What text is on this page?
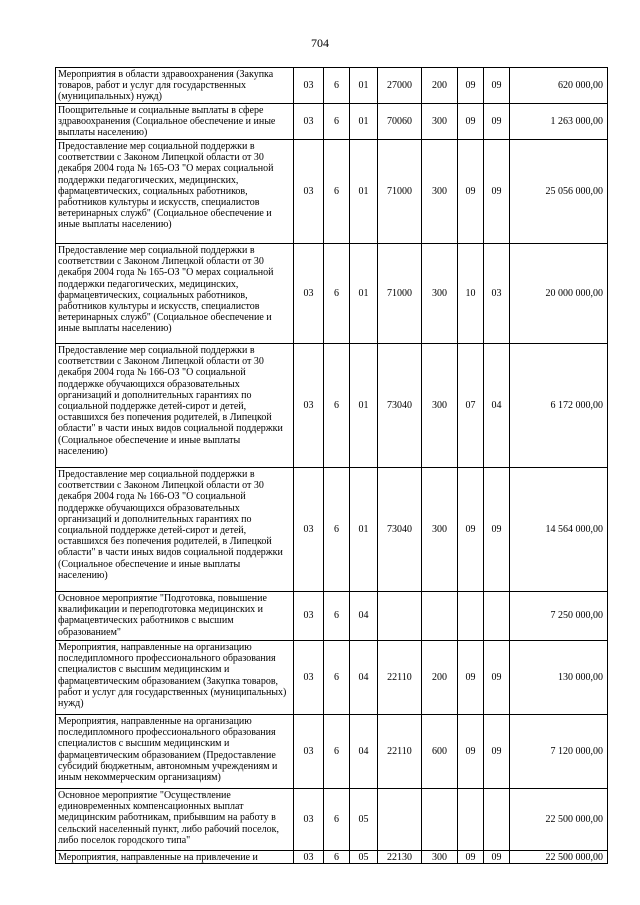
704
Мероприятия в области здравоохранения (Закупка товаров, работ и услуг для государственных (муниципальных) нужд)	03	6	01	27000	200	09	09	620 000,00
Поощрительные и социальные выплаты в сфере здравоохранения (Социальное обеспечение и иные выплаты населению)	03	6	01	70060	300	09	09	1 263 000,00
Предоставление мер социальной поддержки в соответствии с Законом Липецкой области от 30 декабря 2004 года № 165-ОЗ "О мерах социальной поддержки педагогических, медицинских, фармацевтических, социальных работников, работников культуры и искусств, специалистов ветеринарных служб" (Социальное обеспечение и иные выплаты населению)	03	6	01	71000	300	09	09	25 056 000,00
Предоставление мер социальной поддержки в соответствии с Законом Липецкой области от 30 декабря 2004 года № 165-ОЗ "О мерах социальной поддержки педагогических, медицинских, фармацевтических, социальных работников, работников культуры и искусств, специалистов ветеринарных служб" (Социальное обеспечение и иные выплаты населению)	03	6	01	71000	300	10	03	20 000 000,00
Предоставление мер социальной поддержки в соответствии с Законом Липецкой области от 30 декабря 2004 года № 166-ОЗ "О социальной поддержке обучающихся образовательных организаций и дополнительных гарантиях по социальной поддержке детей-сирот и детей, оставшихся без попечения родителей, в Липецкой области" в части иных видов социальной поддержки (Социальное обеспечение и иные выплаты населению)	03	6	01	73040	300	07	04	6 172 000,00
Предоставление мер социальной поддержки в соответствии с Законом Липецкой области от 30 декабря 2004 года № 166-ОЗ "О социальной поддержке обучающихся образовательных организаций и дополнительных гарантиях по социальной поддержке детей-сирот и детей, оставшихся без попечения родителей, в Липецкой области" в части иных видов социальной поддержки (Социальное обеспечение и иные выплаты населению)	03	6	01	73040	300	09	09	14 564 000,00
Основное мероприятие "Подготовка, повышение квалификации и переподготовка медицинских и фармацевтических работников с высшим образованием"	03	6	04					7 250 000,00
Мероприятия, направленные на организацию последипломного профессионального образования специалистов с высшим медицинским и фармацевтическим образованием (Закупка товаров, работ и услуг для государственных (муниципальных) нужд)	03	6	04	22110	200	09	09	130 000,00
Мероприятия, направленные на организацию последипломного профессионального образования специалистов с высшим медицинским и фармацевтическим образованием (Предоставление субсидий бюджетным, автономным учреждениям и иным некоммерческим организациям)	03	6	04	22110	600	09	09	7 120 000,00
Основное мероприятие "Осуществление единовременных компенсационных выплат медицинским работникам, прибывшим на работу в сельский населенный пункт, либо рабочий поселок, либо поселок городского типа"	03	6	05					22 500 000,00
Мероприятия, направленные на привлечение и	03	6	05	22130	300	09	09	22 500 000,00
